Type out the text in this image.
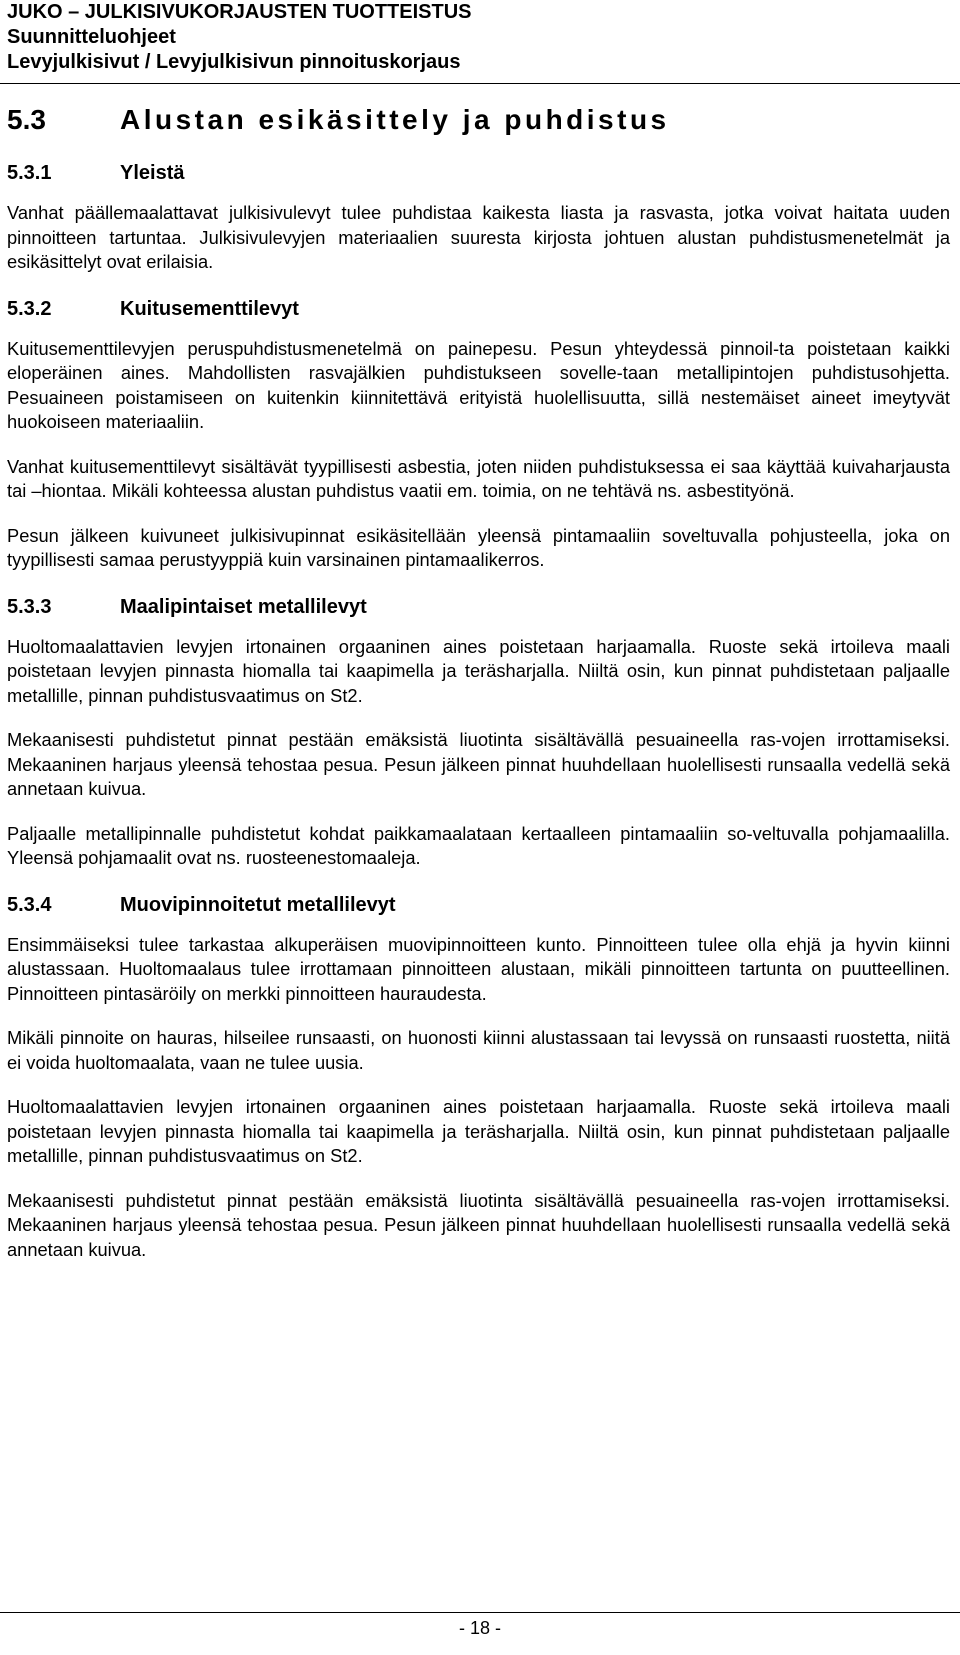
JUKO – JULKISIVUKORJAUSTEN TUOTTEISTUS
Suunnitteluohjeet
Levyjulkisivut / Levyjulkisivun pinnoituskorjaus
5.3	Alustan esikäsittely ja puhdistus
5.3.1	Yleistä
Vanhat päällemaalattavat julkisivulevyt tulee puhdistaa kaikesta liasta ja rasvasta, jotka voivat haitata uuden pinnoitteen tartuntaa. Julkisivulevyjen materiaalien suuresta kirjosta johtuen alustan puhdistusmenetelmät ja esikäsittelyt ovat erilaisia.
5.3.2	Kuitusementtilevyt
Kuitusementtilevyjen peruspuhdistusmenetelmä on painepesu. Pesun yhteydessä pinnoil-ta poistetaan kaikki eloperäinen aines. Mahdollisten rasvajälkien puhdistukseen sovelle-taan metallipintojen puhdistusohjetta. Pesuaineen poistamiseen on kuitenkin kiinnitettävä erityistä huolellisuutta, sillä nestemäiset aineet imeytyvät huokoiseen materiaaliin.
Vanhat kuitusementtilevyt sisältävät tyypillisesti asbestia, joten niiden puhdistuksessa ei saa käyttää kuivaharjausta tai –hiontaa. Mikäli kohteessa alustan puhdistus vaatii em. toimia, on ne tehtävä ns. asbestityönä.
Pesun jälkeen kuivuneet julkisivupinnat esikäsitellään yleensä pintamaaliin soveltuvalla pohjusteella, joka on tyypillisesti samaa perustyyppiä kuin varsinainen pintamaalikerros.
5.3.3	Maalipintaiset metallilevyt
Huoltomaalattavien levyjen irtonainen orgaaninen aines poistetaan harjaamalla. Ruoste sekä irtoileva maali poistetaan levyjen pinnasta hiomalla tai kaapimella ja teräsharjalla. Niiltä osin, kun pinnat puhdistetaan paljaalle metallille, pinnan puhdistusvaatimus on St2.
Mekaanisesti puhdistetut pinnat pestään emäksistä liuotinta sisältävällä pesuaineella ras-vojen irrottamiseksi. Mekaaninen harjaus yleensä tehostaa pesua. Pesun jälkeen pinnat huuhdellaan huolellisesti runsaalla vedellä sekä annetaan kuivua.
Paljaalle metallipinnalle puhdistetut kohdat paikkamaalataan kertaalleen pintamaaliin so-veltuvalla pohjamaalilla. Yleensä pohjamaalit ovat ns. ruosteenestomaaleja.
5.3.4	Muovipinnoitetut metallilevyt
Ensimmäiseksi tulee tarkastaa alkuperäisen muovipinnoitteen kunto. Pinnoitteen tulee olla ehjä ja hyvin kiinni alustassaan. Huoltomaalaus tulee irrottamaan pinnoitteen alustaan, mikäli pinnoitteen tartunta on puutteellinen. Pinnoitteen pintasäröily on merkki pinnoitteen hauraudesta.
Mikäli pinnoite on hauras, hilseilee runsaasti, on huonosti kiinni alustassaan tai levyssä on runsaasti ruostetta, niitä ei voida huoltomaalata, vaan ne tulee uusia.
Huoltomaalattavien levyjen irtonainen orgaaninen aines poistetaan harjaamalla. Ruoste sekä irtoileva maali poistetaan levyjen pinnasta hiomalla tai kaapimella ja teräsharjalla. Niiltä osin, kun pinnat puhdistetaan paljaalle metallille, pinnan puhdistusvaatimus on St2.
Mekaanisesti puhdistetut pinnat pestään emäksistä liuotinta sisältävällä pesuaineella ras-vojen irrottamiseksi. Mekaaninen harjaus yleensä tehostaa pesua. Pesun jälkeen pinnat huuhdellaan huolellisesti runsaalla vedellä sekä annetaan kuivua.
- 18 -
